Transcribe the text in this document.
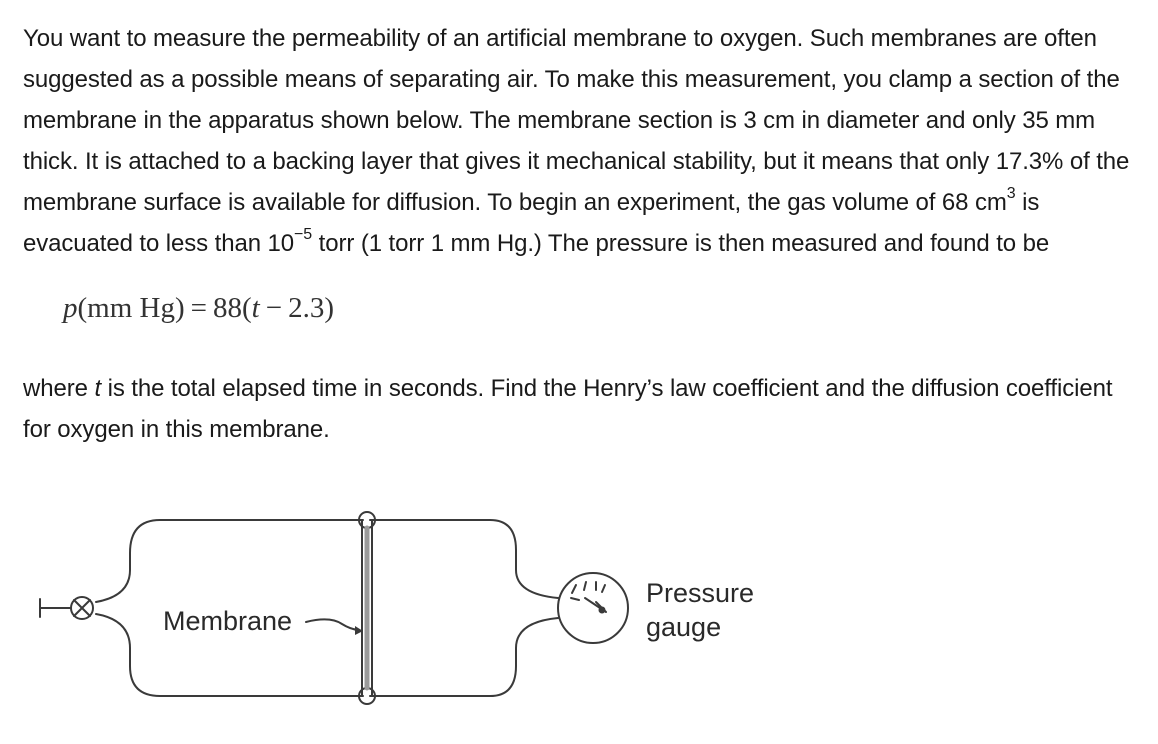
You want to measure the permeability of an artificial membrane to oxygen. Such membranes are often suggested as a possible means of separating air. To make this measurement, you clamp a section of the membrane in the apparatus shown below. The membrane section is 3 cm in diameter and only 35 mm thick. It is attached to a backing layer that gives it mechanical stability, but it means that only 17.3% of the membrane surface is available for diffusion. To begin an experiment, the gas volume of 68 $cm^3$ is evacuated to less than $10^{-5}$ torr (1 torr 1 mm Hg.) The pressure is then measured and found to be

p(mm Hg) = 88(t − 2.3)

where t is the total elapsed time in seconds. Find the Henry’s law coefficient and the diffusion coefficient for oxygen in this membrane.

Membrane
Pressure
gauge
